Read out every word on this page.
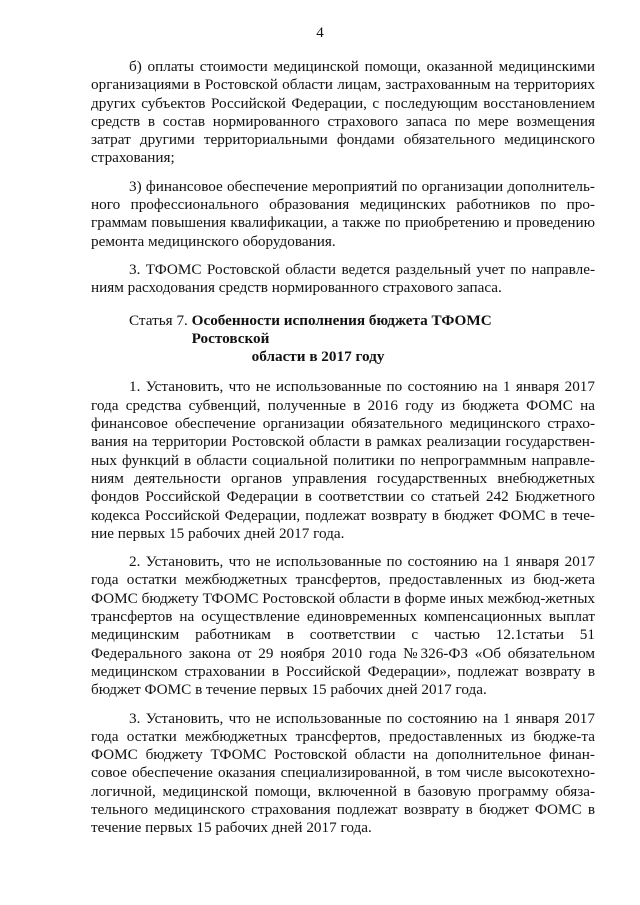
4

б) оплаты стоимости медицинской помощи, оказанной медицинскими организациями в Ростовской области лицам, застрахованным на территориях других субъектов Российской Федерации, с последующим восстановлением средств в состав нормированного страхового запаса по мере возмещения затрат другими территориальными фондами обязательного медицинского страхования;

3) финансовое обеспечение мероприятий по организации дополнитель-ного профессионального образования медицинских работников по про-граммам повышения квалификации, а также по приобретению и проведению ремонта медицинского оборудования.

3. ТФОМС Ростовской области ведется раздельный учет по направле-ниям расходования средств нормированного страхового запаса.

Статья 7. Особенности исполнения бюджета ТФОМС Ростовской
области в 2017 году

1. Установить, что не использованные по состоянию на 1 января 2017 года средства субвенций, полученные в 2016 году из бюджета ФОМС на финансовое обеспечение организации обязательного медицинского страхо-вания на территории Ростовской области в рамках реализации государствен-ных функций в области социальной политики по непрограммным направле-ниям деятельности органов управления государственных внебюджетных фондов Российской Федерации в соответствии со статьей 242 Бюджетного кодекса Российской Федерации, подлежат возврату в бюджет ФОМС в тече-ние первых 15 рабочих дней 2017 года.

2. Установить, что не использованные по состоянию на 1 января 2017 года остатки межбюджетных трансфертов, предоставленных из бюд-жета ФОМС бюджету ТФОМС Ростовской области в форме иных межбюд-жетных трансфертов на осуществление единовременных компенсационных выплат медицинским работникам в соответствии с частью 12.1статьи 51 Федерального закона от 29 ноября 2010 года №326-ФЗ «Об обязательном медицинском страховании в Российской Федерации», подлежат возврату в бюджет ФОМС в течение первых 15 рабочих дней 2017 года.

3. Установить, что не использованные по состоянию на 1 января 2017 года остатки межбюджетных трансфертов, предоставленных из бюдже-та ФОМС бюджету ТФОМС Ростовской области на дополнительное финан-совое обеспечение оказания специализированной, в том числе высокотехно-логичной, медицинской помощи, включенной в базовую программу обяза-тельного медицинского страхования подлежат возврату в бюджет ФОМС в течение первых 15 рабочих дней 2017 года.
